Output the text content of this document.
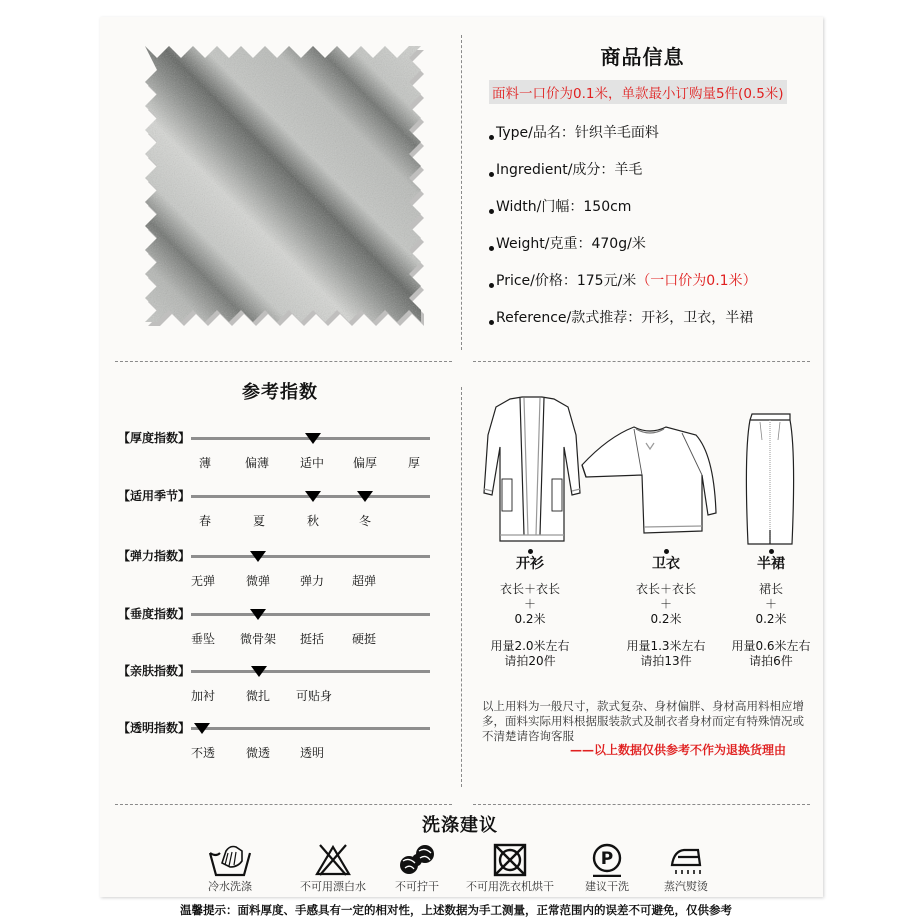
商品信息
面料一口价为0.1米，单款最小订购量5件(0.5米)
Type/品名：针织羊毛面料
Ingredient/成分：羊毛
Width/门幅：150cm
Weight/克重：470g/米
Price/价格：175元/米 （一口价为0.1米）
Reference/款式推荐：开衫，卫衣，半裙
参考指数
【厚度指数】
薄	偏薄	适中 偏厚	厚
【适用季节】
春	夏	秋	冬
【弹力指数】
无弹	微弹 弹力 超弹
【垂度指数】
垂坠 微骨架 挺括 硬挺
【亲肤指数】
加衬	微扎 可贴身
【透明指数】
不透	微透 透明
开衫
衣长＋衣长
＋
0.2米
用量2.0米左右
请拍20件
卫衣
衣长＋衣长
＋
0.2米
用量1.3米左右
请拍13件
半裙
裙长
＋
0.2米
用量0.6米左右
请拍6件
以上用料为一般尺寸，款式复杂、身材偏胖、身材高用料相应增多，面料实际用料根据服装款式及制衣者身材而定有特殊情况或不清楚请咨询客服
——以上数据仅供参考不作为退换货理由
洗涤建议
冷水洗涤	不可用漂白水	不可拧干	不可用洗衣机烘干
P
建议干洗	蒸汽熨烫
温馨提示：面料厚度、手感具有一定的相对性，上述数据为手工测量，正常范围内的误差不可避免，仅供参考
